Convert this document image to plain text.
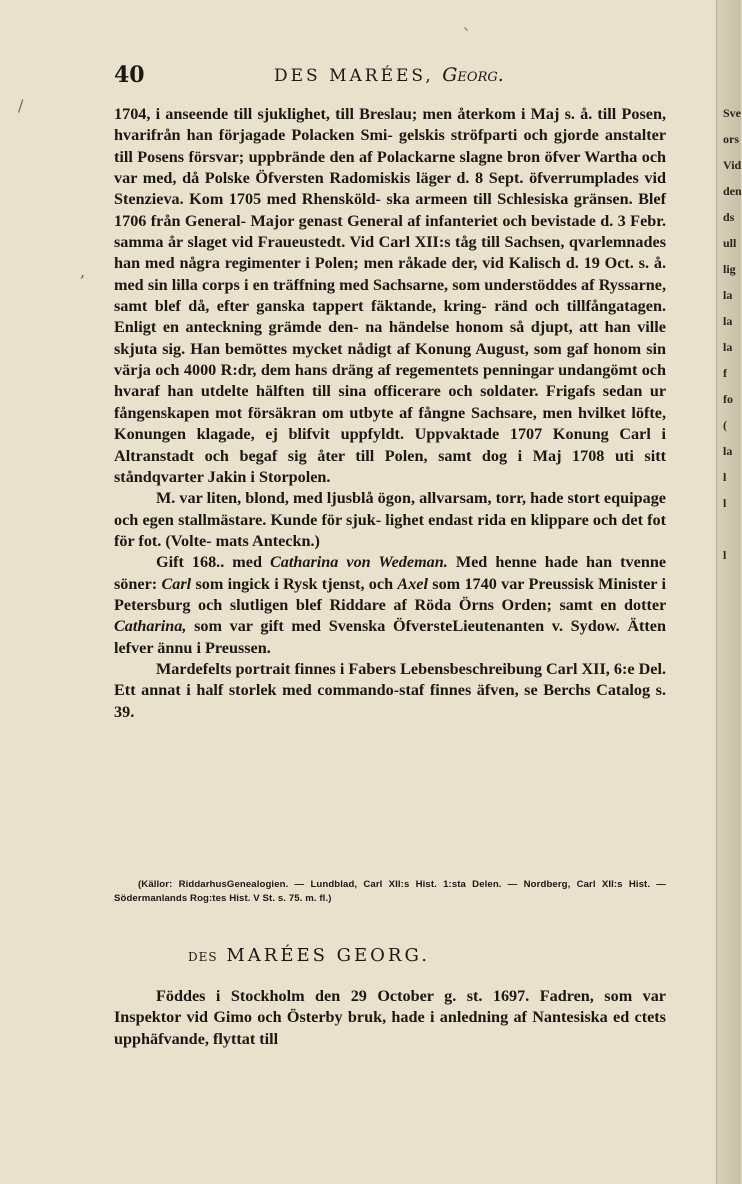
40	DES MARÉES, Georg.

1704, i anseende till sjuklighet, till Breslau; men återkom i Maj s. å. till Posen, hvarifrån han förjagade Polacken Smi- gelskis ströfparti och gjorde anstalter till Posens försvar; uppbrände den af Polackarne slagne bron öfver Wartha och var med, då Polske Öfversten Radomiskis läger d. 8 Sept. öfverrumplades vid Stenzieva. Kom 1705 med Rhensköld- ska armeen till Schlesiska gränsen. Blef 1706 från General- Major genast General af infanteriet och bevistade d. 3 Febr. samma år slaget vid Fraueustedt. Vid Carl XII:s tåg till Sachsen, qvarlemnades han med några regimenter i Polen; men råkade der, vid Kalisch d. 19 Oct. s. å. med sin lilla corps i en träffning med Sachsarne, som understöddes af Ryssarne, samt blef då, efter ganska tappert fäktande, kring- ränd och tillfångatagen. Enligt en anteckning grämde den- na händelse honom så djupt, att han ville skjuta sig. Han bemöttes mycket nådigt af Konung August, som gaf honom sin värja och 4000 R:dr, dem hans dräng af regementets penningar undangömt och hvaraf han utdelte hälften till sina officerare och soldater. Frigafs sedan ur fångenskapen mot försäkran om utbyte af fångne Sachsare, men hvilket löfte, Konungen klagade, ej blifvit uppfyldt. Uppvaktade 1707 Konung Carl i Altranstadt och begaf sig åter till Polen, samt dog i Maj 1708 uti sitt ståndqvarter Jakin i Storpolen.

M. var liten, blond, med ljusblå ögon, allvarsam, torr, hade stort equipage och egen stallmästare. Kunde för sjuk- lighet endast rida en klippare och det fot för fot. (Volte- mats Anteckn.)

Gift 168.. med Catharina von Wedeman. Med henne hade han tvenne söner: Carl som ingick i Rysk tjenst, och Axel som 1740 var Preussisk Minister i Petersburg och slutligen blef Riddare af Röda Örns Orden; samt en dotter Catharina, som var gift med Svenska ÖfversteLieutenanten v. Sydow. Ätten lefver ännu i Preussen.

Mardefelts portrait finnes i Fabers Lebensbeschreibung Carl XII, 6:e Del. Ett annat i half storlek med commando-staf finnes äfven, se Berchs Catalog s. 39.

(Källor: RiddarhusGenealogien. — Lundblad, Carl XII:s Hist. 1:sta Delen. — Nordberg, Carl XII:s Hist. — Södermanlands Rog:tes Hist. V St. s. 75. m. fl.)

DES MARÉES GEORG.

Föddes i Stockholm den 29 October g. st. 1697. Fadren, som var Inspektor vid Gimo och Österby bruk, hade i anledning af Nantesiska ed ctets upphäfvande, flyttat till

/
,
`
Sve
ors
Vid
den
ds
ull
lig
la
la
la
f
fo
(
la
l
l
l
